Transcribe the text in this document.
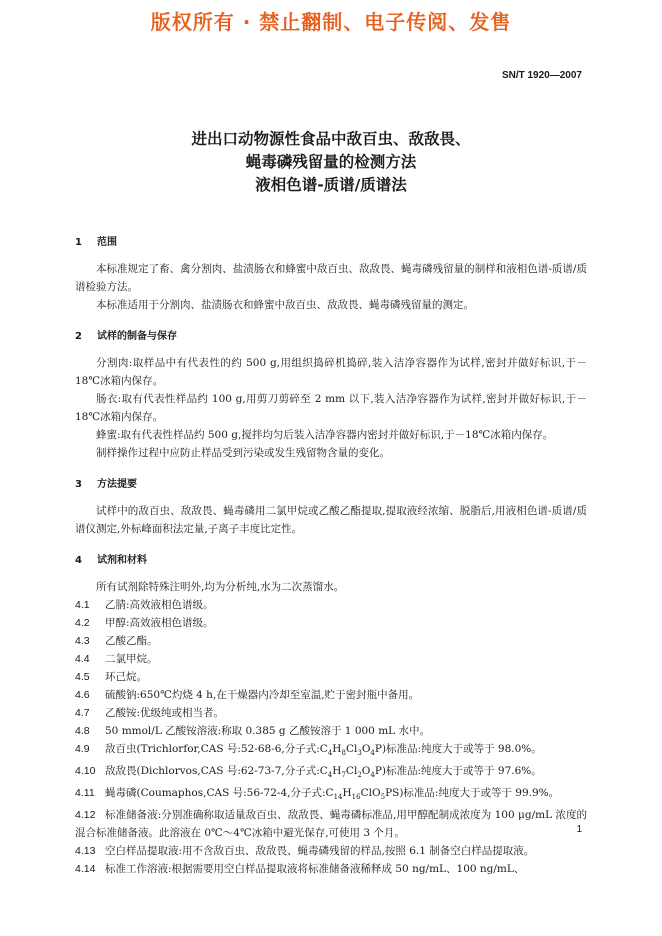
版权所有 · 禁止翻制、电子传阅、发售
SN/T 1920—2007
进出口动物源性食品中敌百虫、敌敌畏、
蝇毒磷残留量的检测方法
液相色谱-质谱/质谱法
1 范围

本标准规定了畜、禽分割肉、盐渍肠衣和蜂蜜中敌百虫、敌敌畏、蝇毒磷残留量的制样和液相色谱-质谱/质谱检验方法。

本标准适用于分割肉、盐渍肠衣和蜂蜜中敌百虫、敌敌畏、蝇毒磷残留量的测定。

2 试样的制备与保存

分割肉:取样品中有代表性的约 500 g,用组织捣碎机捣碎,装入洁净容器作为试样,密封并做好标识,于－18℃冰箱内保存。

肠衣:取有代表性样品约 100 g,用剪刀剪碎至 2 mm 以下,装入洁净容器作为试样,密封并做好标识,于－18℃冰箱内保存。

蜂蜜:取有代表性样品约 500 g,搅拌均匀后装入洁净容器内密封并做好标识,于－18℃冰箱内保存。

制样操作过程中应防止样品受到污染或发生残留物含量的变化。

3 方法提要

试样中的敌百虫、敌敌畏、蝇毒磷用二氯甲烷或乙酸乙酯提取,提取液经浓缩、脱脂后,用液相色谱-质谱/质谱仪测定,外标峰面积法定量,子离子丰度比定性。

4 试剂和材料

所有试剂除特殊注明外,均为分析纯,水为二次蒸馏水。

4.1 乙腈:高效液相色谱级。

4.2 甲醇:高效液相色谱级。

4.3 乙酸乙酯。

4.4 二氯甲烷。

4.5 环己烷。

4.6 硫酸钠:650℃灼烧 4 h,在干燥器内冷却至室温,贮于密封瓶中备用。

4.7 乙酸铵:优级纯或相当者。

4.8 50 mmol/L 乙酸铵溶液:称取 0.385 g 乙酸铵溶于 1 000 mL 水中。

4.9 敌百虫(Trichlorfor,CAS 号:52-68-6,分子式$:C_4H_8Cl_3O_4P$)标准品:纯度大于或等于 98.0%。

4.10 敌敌畏(Dichlorvos,CAS 号:62-73-7,分子式$:C_4H_7Cl_2O_4P$)标准品:纯度大于或等于 97.6%。

4.11 蝇毒磷(Coumaphos,CAS 号:56-72-4,分子式$:C_{14}H_{16}ClO_5PS$)标准品:纯度大于或等于 99.9%。

4.12 标准储备液:分别准确称取适量敌百虫、敌敌畏、蝇毒磷标准品,用甲醇配制成浓度为 100 μg/mL 浓度的混合标准储备液。此溶液在 0℃～4℃冰箱中避光保存,可使用 3 个月。

4.13 空白样品提取液:用不含敌百虫、敌敌畏、蝇毒磷残留的样品,按照 6.1 制备空白样品提取液。

4.14 标准工作溶液:根据需要用空白样品提取液将标准储备液稀释成 50 ng/mL、100 ng/mL、

1
